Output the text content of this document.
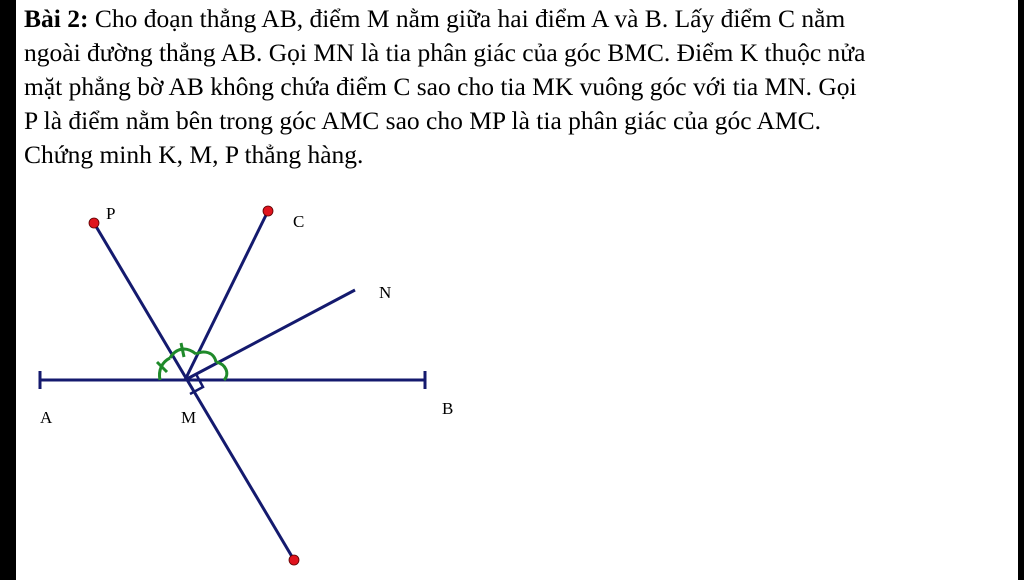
Bài 2: Cho đoạn thẳng AB, điểm M nằm giữa hai điểm A và B. Lấy điểm C nằm
ngoài đường thẳng AB. Gọi MN là tia phân giác của góc BMC. Điểm K thuộc nửa
mặt phẳng bờ AB không chứa điểm C sao cho tia MK vuông góc với tia MN. Gọi
P là điểm nằm bên trong góc AMC sao cho MP là tia phân giác của góc AMC.
Chứng minh K, M, P thẳng hàng.

P	C
N
A	M	B
